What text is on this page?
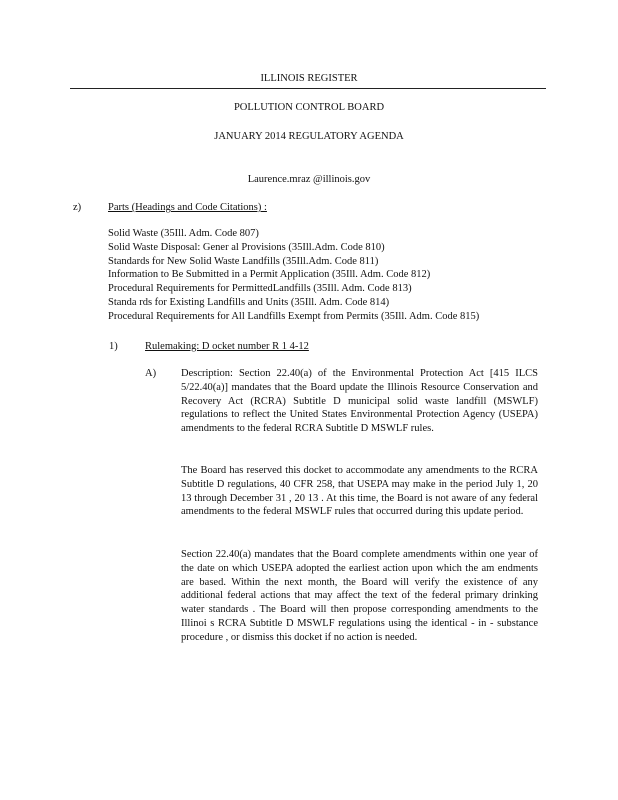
ILLINOIS REGISTER
POLLUTION CONTROL BOARD
JANUARY 2014 REGULATORY AGENDA
Laurence.mraz @illinois.gov
z)	Parts (Headings and Code Citations) :
Solid Waste (35Ill. Adm. Code 807)
Solid Waste Disposal: Gener al Provisions (35Ill.Adm. Code 810)
Standards for New Solid Waste Landfills (35Ill.Adm. Code 811)
Information to Be Submitted in a Permit Application (35Ill. Adm. Code 812)
Procedural Requirements for PermittedLandfills (35Ill. Adm. Code 813)
Standa rds for Existing Landfills and Units (35Ill. Adm. Code 814)
Procedural Requirements for All Landfills Exempt from Permits (35Ill. Adm. Code 815)
1)	Rulemaking: D ocket number R 1 4-12
A) Description: Section 22.40(a) of the Environmental Protection Act [415 ILCS 5/22.40(a)] mandates that the Board update the Illinois Resource Conservation and Recovery Act (RCRA) Subtitle D municipal solid waste landfill (MSWLF) regulations to reflect the United States Environmental Protection Agency (USEPA) amendments to the federal RCRA Subtitle D MSWLF rules.

The Board has reserved this docket to accommodate any amendments to the RCRA Subtitle D regulations, 40 CFR 258, that USEPA may make in the period July 1, 20 13 through December 31 , 20 13 . At this time, the Board is not aware of any federal amendments to the federal MSWLF rules that occurred during this update period.

Section 22.40(a) mandates that the Board complete amendments within one year of the date on which USEPA adopted the earliest action upon which the am endments are based. Within the next month, the Board will verify the existence of any additional federal actions that may affect the text of the federal primary drinking water standards . The Board will then propose corresponding amendments to the Illinoi s RCRA Subtitle D MSWLF regulations using the identical - in - substance procedure , or dismiss this docket if no action is needed.
